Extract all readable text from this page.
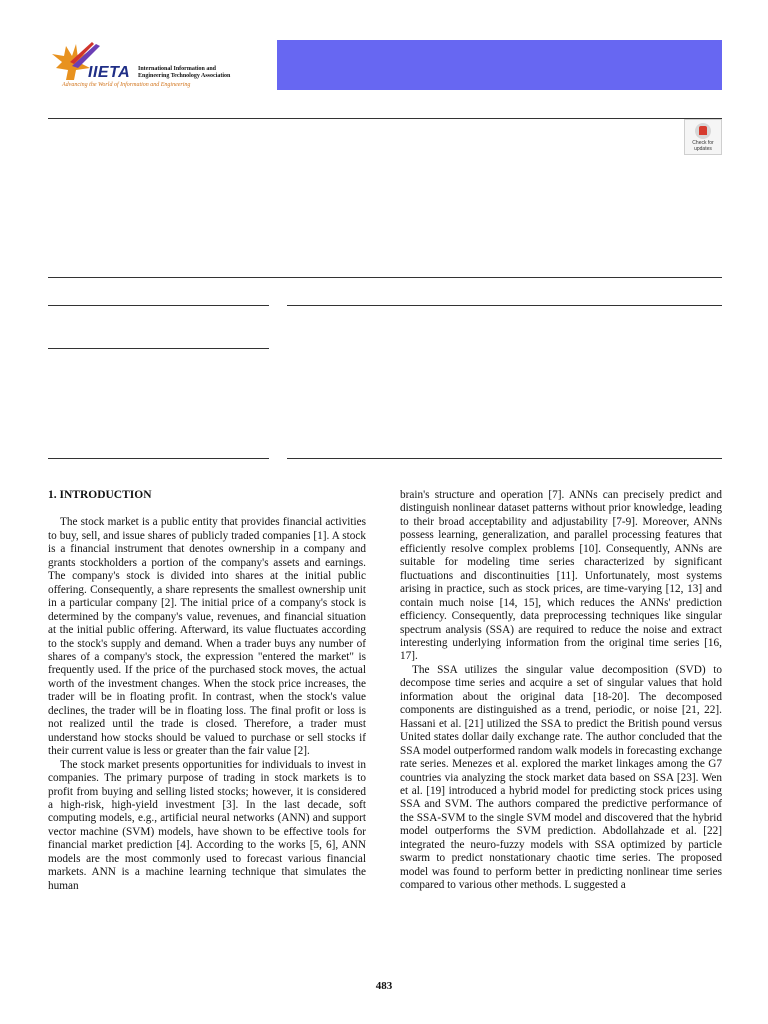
IIETA International Information and Engineering Technology Association
Advancing the World of Information and Engineering
Check for updates
1. INTRODUCTION

The stock market is a public entity that provides financial activities to buy, sell, and issue shares of publicly traded companies [1]. A stock is a financial instrument that denotes ownership in a company and grants stockholders a portion of the company's assets and earnings. The company's stock is divided into shares at the initial public offering. Consequently, a share represents the smallest ownership unit in a particular company [2]. The initial price of a company's stock is determined by the company's value, revenues, and financial situation at the initial public offering. Afterward, its value fluctuates according to the stock's supply and demand. When a trader buys any number of shares of a company's stock, the expression "entered the market" is frequently used. If the price of the purchased stock moves, the actual worth of the investment changes. When the stock price increases, the trader will be in floating profit. In contrast, when the stock's value declines, the trader will be in floating loss. The final profit or loss is not realized until the trade is closed. Therefore, a trader must understand how stocks should be valued to purchase or sell stocks if their current value is less or greater than the fair value [2].

The stock market presents opportunities for individuals to invest in companies. The primary purpose of trading in stock markets is to profit from buying and selling listed stocks; however, it is considered a high-risk, high-yield investment [3]. In the last decade, soft computing models, e.g., artificial neural networks (ANN) and support vector machine (SVM) models, have shown to be effective tools for financial market prediction [4]. According to the works [5, 6], ANN models are the most commonly used to forecast various financial markets. ANN is a machine learning technique that simulates the human

brain's structure and operation [7]. ANNs can precisely predict and distinguish nonlinear dataset patterns without prior knowledge, leading to their broad acceptability and adjustability [7-9]. Moreover, ANNs possess learning, generalization, and parallel processing features that efficiently resolve complex problems [10]. Consequently, ANNs are suitable for modeling time series characterized by significant fluctuations and discontinuities [11]. Unfortunately, most systems arising in practice, such as stock prices, are time-varying [12, 13] and contain much noise [14, 15], which reduces the ANNs' prediction efficiency. Consequently, data preprocessing techniques like singular spectrum analysis (SSA) are required to reduce the noise and extract interesting underlying information from the original time series [16, 17].

The SSA utilizes the singular value decomposition (SVD) to decompose time series and acquire a set of singular values that hold information about the original data [18-20]. The decomposed components are distinguished as a trend, periodic, or noise [21, 22]. Hassani et al. [21] utilized the SSA to predict the British pound versus United states dollar daily exchange rate. The author concluded that the SSA model outperformed random walk models in forecasting exchange rate series. Menezes et al. explored the market linkages among the G7 countries via analyzing the stock market data based on SSA [23]. Wen et al. [19] introduced a hybrid model for predicting stock prices using SSA and SVM. The authors compared the predictive performance of the SSA-SVM to the single SVM model and discovered that the hybrid model outperforms the SVM prediction. Abdollahzade et al. [22] integrated the neuro-fuzzy models with SSA optimized by particle swarm to predict nonstationary chaotic time series. The proposed model was found to perform better in predicting nonlinear time series compared to various other methods. L suggested a

483
